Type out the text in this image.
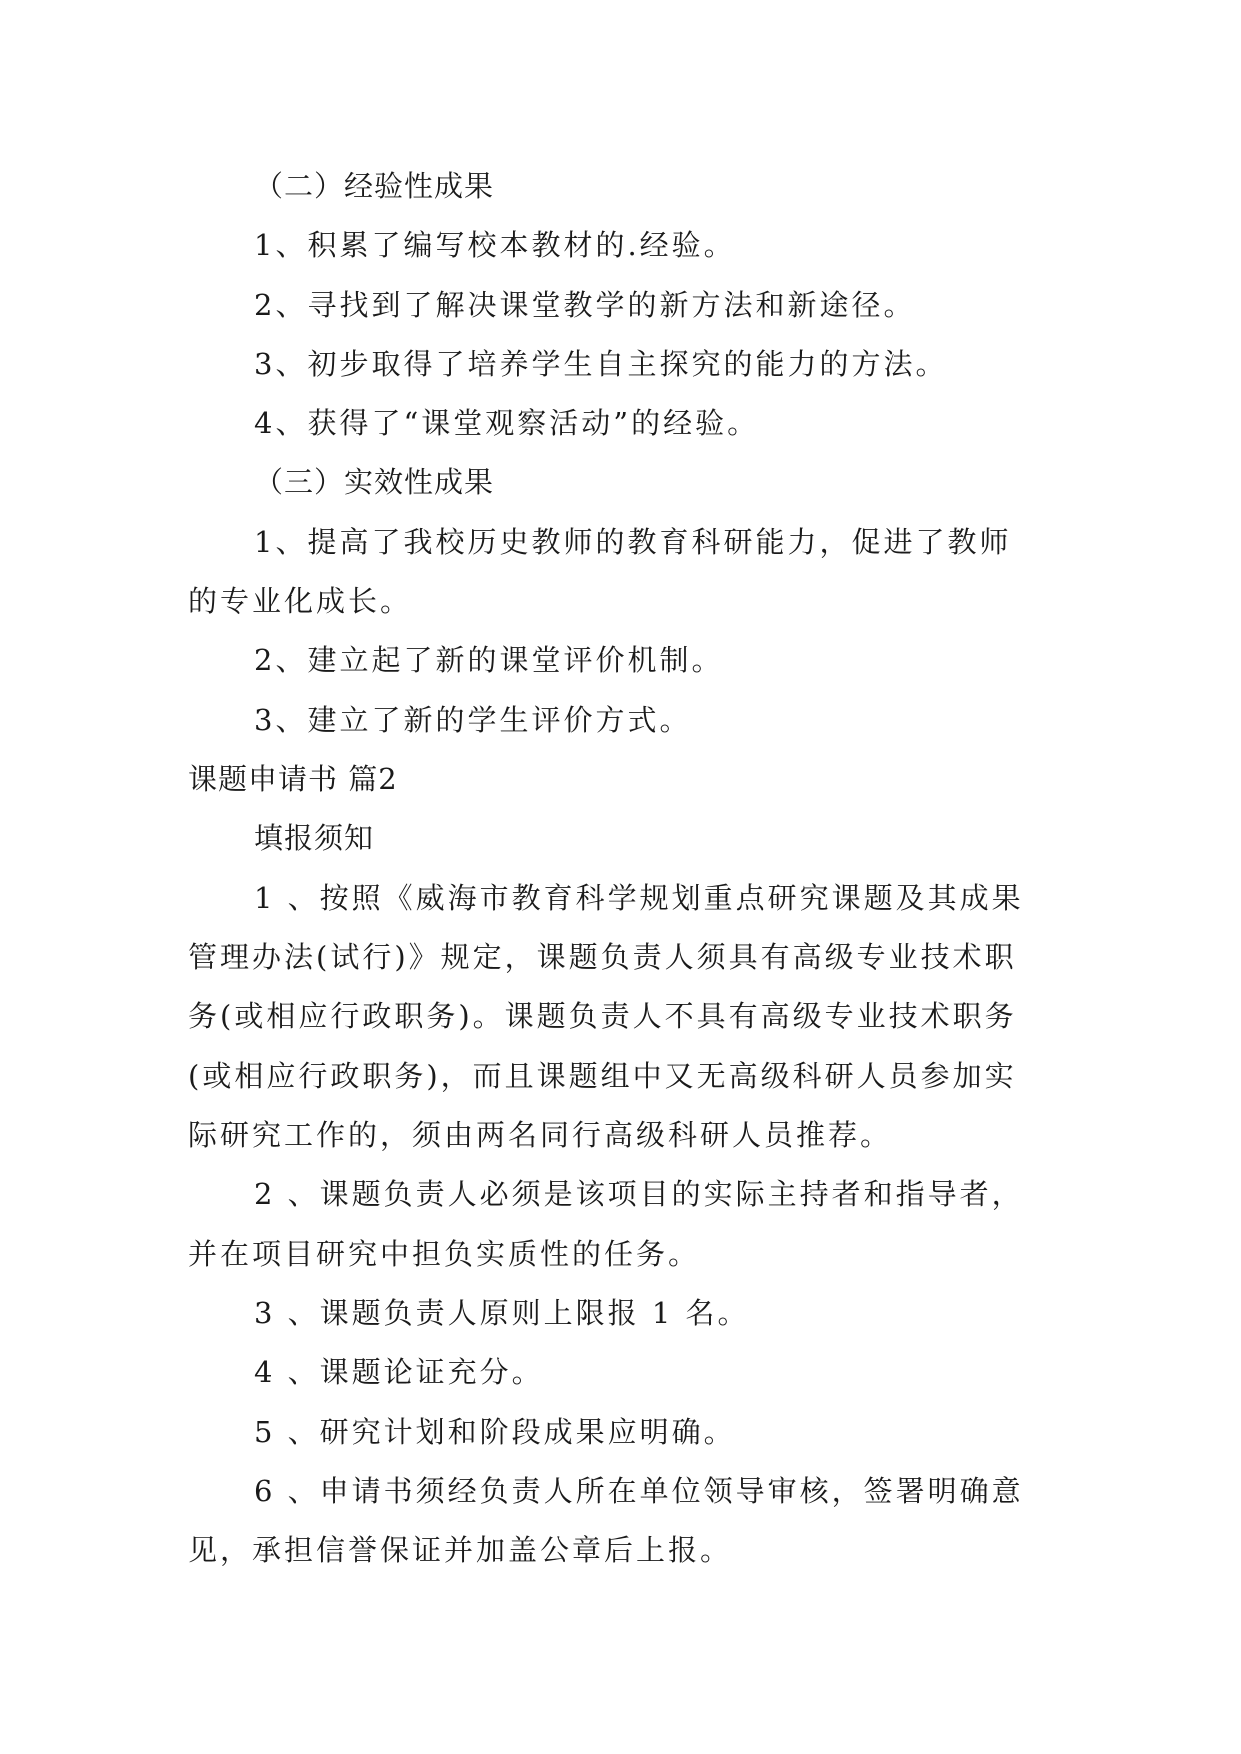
（二）经验性成果
1、积累了编写校本教材的.经验。
2、寻找到了解决课堂教学的新方法和新途径。
3、初步取得了培养学生自主探究的能力的方法。
4、获得了“课堂观察活动”的经验。
（三）实效性成果
1、提高了我校历史教师的教育科研能力，促进了教师
的专业化成长。
2、建立起了新的课堂评价机制。
3、建立了新的学生评价方式。
课题申请书 篇2
填报须知
1 、按照《威海市教育科学规划重点研究课题及其成果
管理办法(试行)》规定，课题负责人须具有高级专业技术职
务(或相应行政职务)。课题负责人不具有高级专业技术职务
(或相应行政职务)，而且课题组中又无高级科研人员参加实
际研究工作的，须由两名同行高级科研人员推荐。
2 、课题负责人必须是该项目的实际主持者和指导者，
并在项目研究中担负实质性的任务。
3 、课题负责人原则上限报 1 名。
4 、课题论证充分。
5 、研究计划和阶段成果应明确。
6 、申请书须经负责人所在单位领导审核，签署明确意
见，承担信誉保证并加盖公章后上报。
